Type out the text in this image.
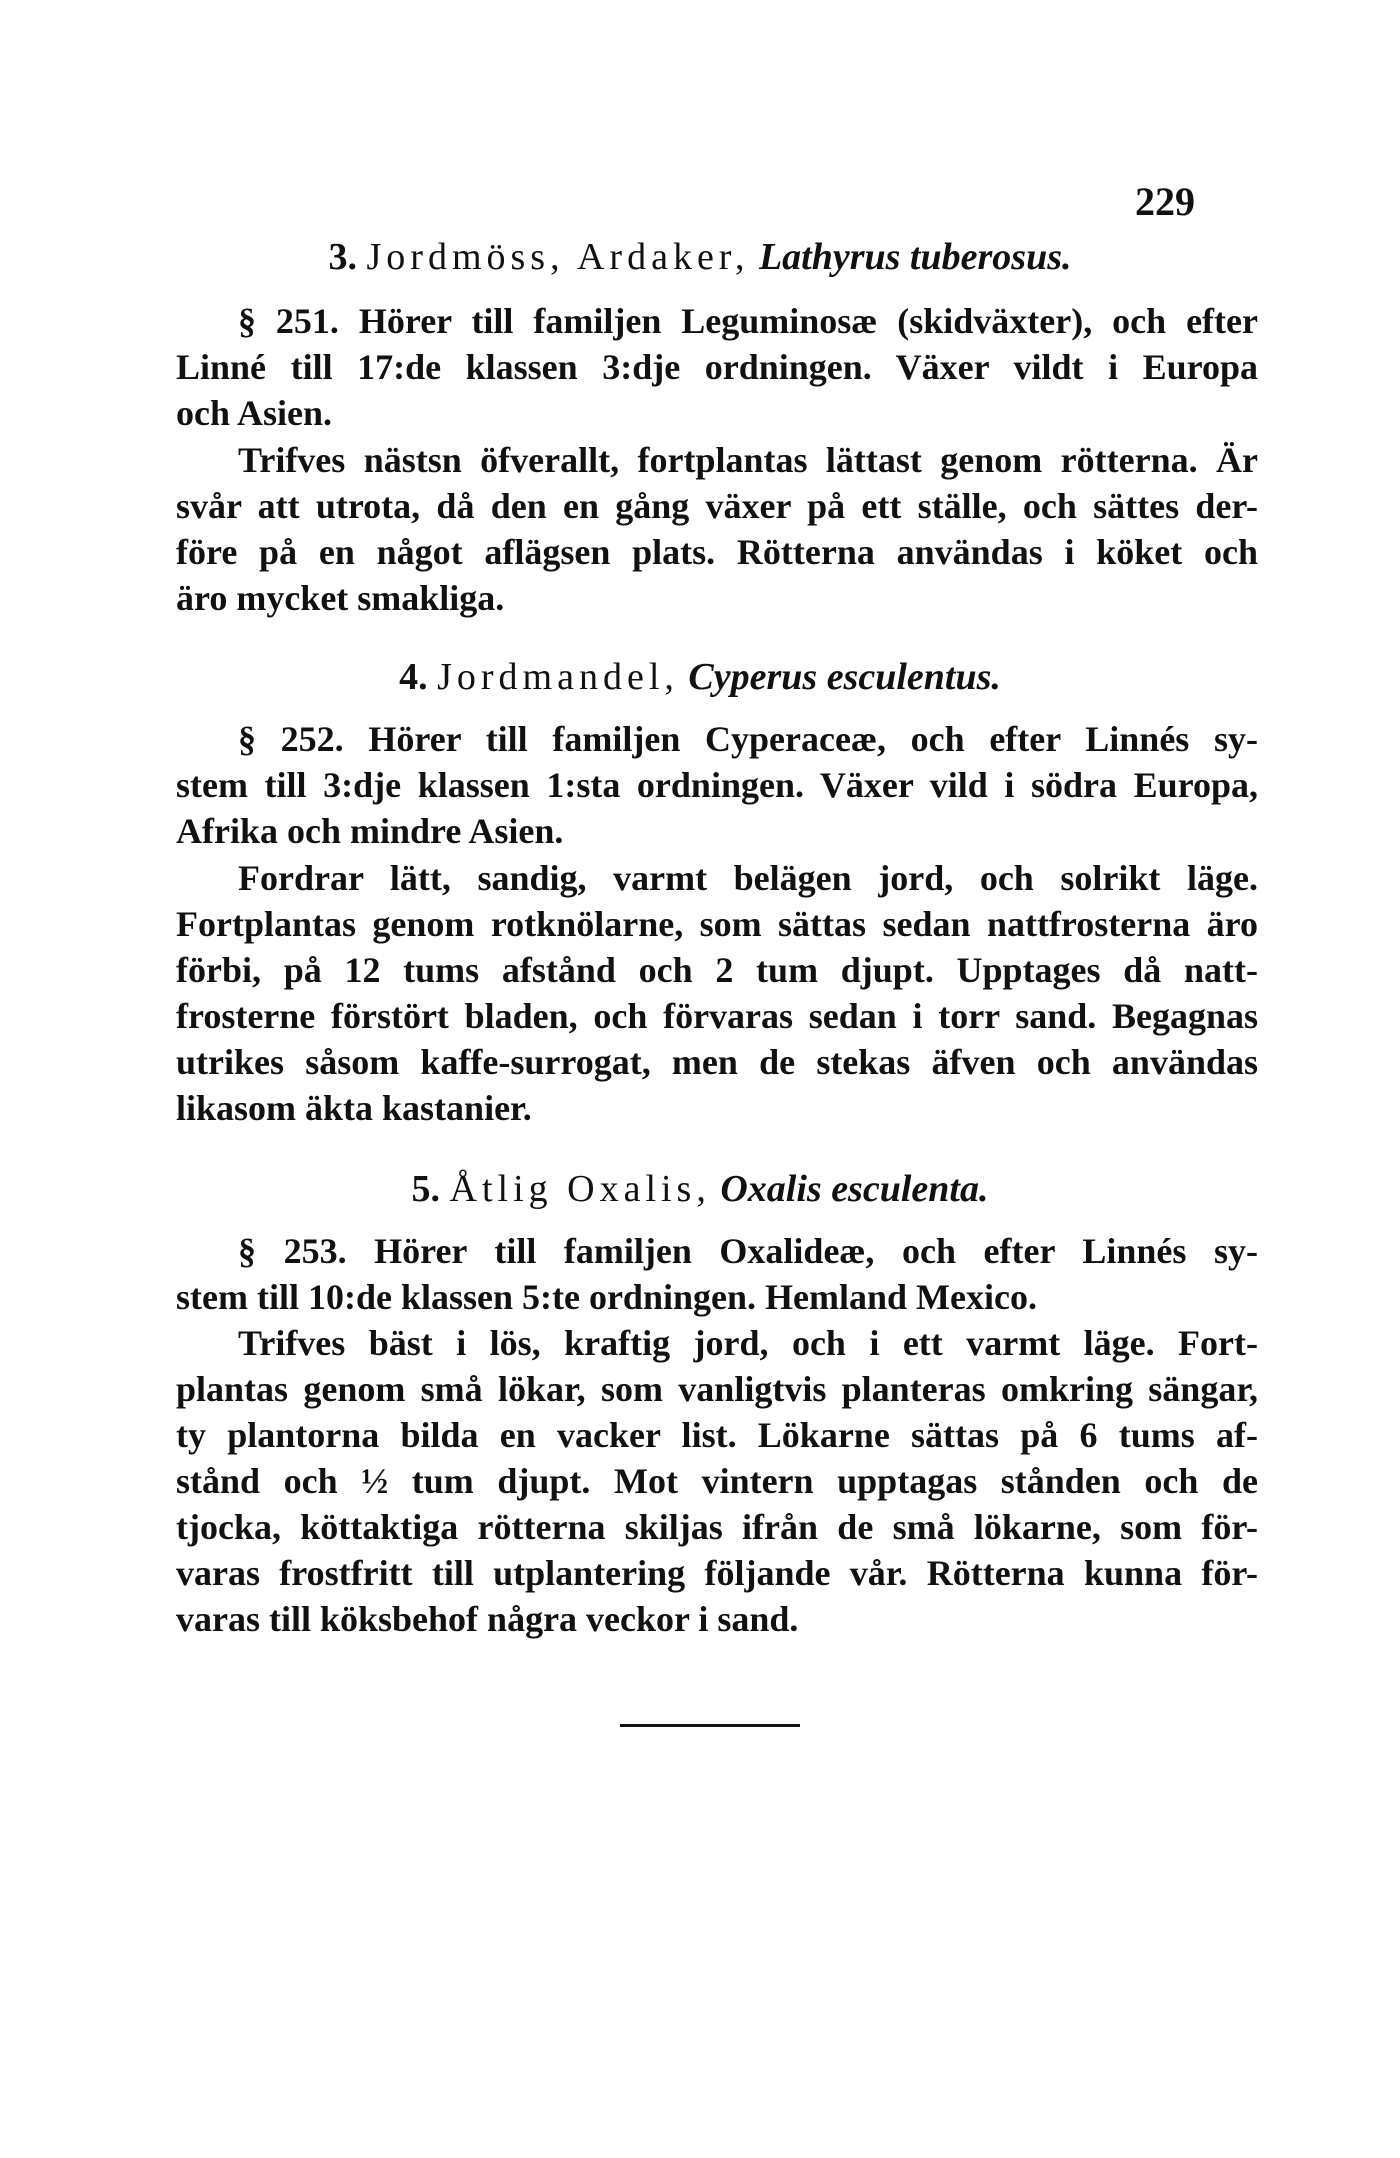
229
3. Jordmöss, Ardaker, Lathyrus tuberosus.
§ 251. Hörer till familjen Leguminosæ (skidväxter), och efter
Linné till 17:de klassen 3:dje ordningen. Växer vildt i Europa
och Asien.
Trifves nästsn öfverallt, fortplantas lättast genom rötterna. Är
svår att utrota, då den en gång växer på ett ställe, och sättes der-
före på en något aflägsen plats. Rötterna användas i köket och
äro mycket smakliga.
4. Jordmandel, Cyperus esculentus.
§ 252. Hörer till familjen Cyperaceæ, och efter Linnés sy-
stem till 3:dje klassen 1:sta ordningen. Växer vild i södra Europa,
Afrika och mindre Asien.
Fordrar lätt, sandig, varmt belägen jord, och solrikt läge.
Fortplantas genom rotknölarne, som sättas sedan nattfrosterna äro
förbi, på 12 tums afstånd och 2 tum djupt. Upptages då natt-
frosterne förstört bladen, och förvaras sedan i torr sand. Begagnas
utrikes såsom kaffe-surrogat, men de stekas äfven och användas
likasom äkta kastanier.
5. Åtlig Oxalis, Oxalis esculenta.
§ 253. Hörer till familjen Oxalideæ, och efter Linnés sy-
stem till 10:de klassen 5:te ordningen. Hemland Mexico.
Trifves bäst i lös, kraftig jord, och i ett varmt läge. Fort-
plantas genom små lökar, som vanligtvis planteras omkring sängar,
ty plantorna bilda en vacker list. Lökarne sättas på 6 tums af-
stånd och ½ tum djupt. Mot vintern upptagas stånden och de
tjocka, köttaktiga rötterna skiljas ifrån de små lökarne, som för-
varas frostfritt till utplantering följande vår. Rötterna kunna för-
varas till köksbehof några veckor i sand.
